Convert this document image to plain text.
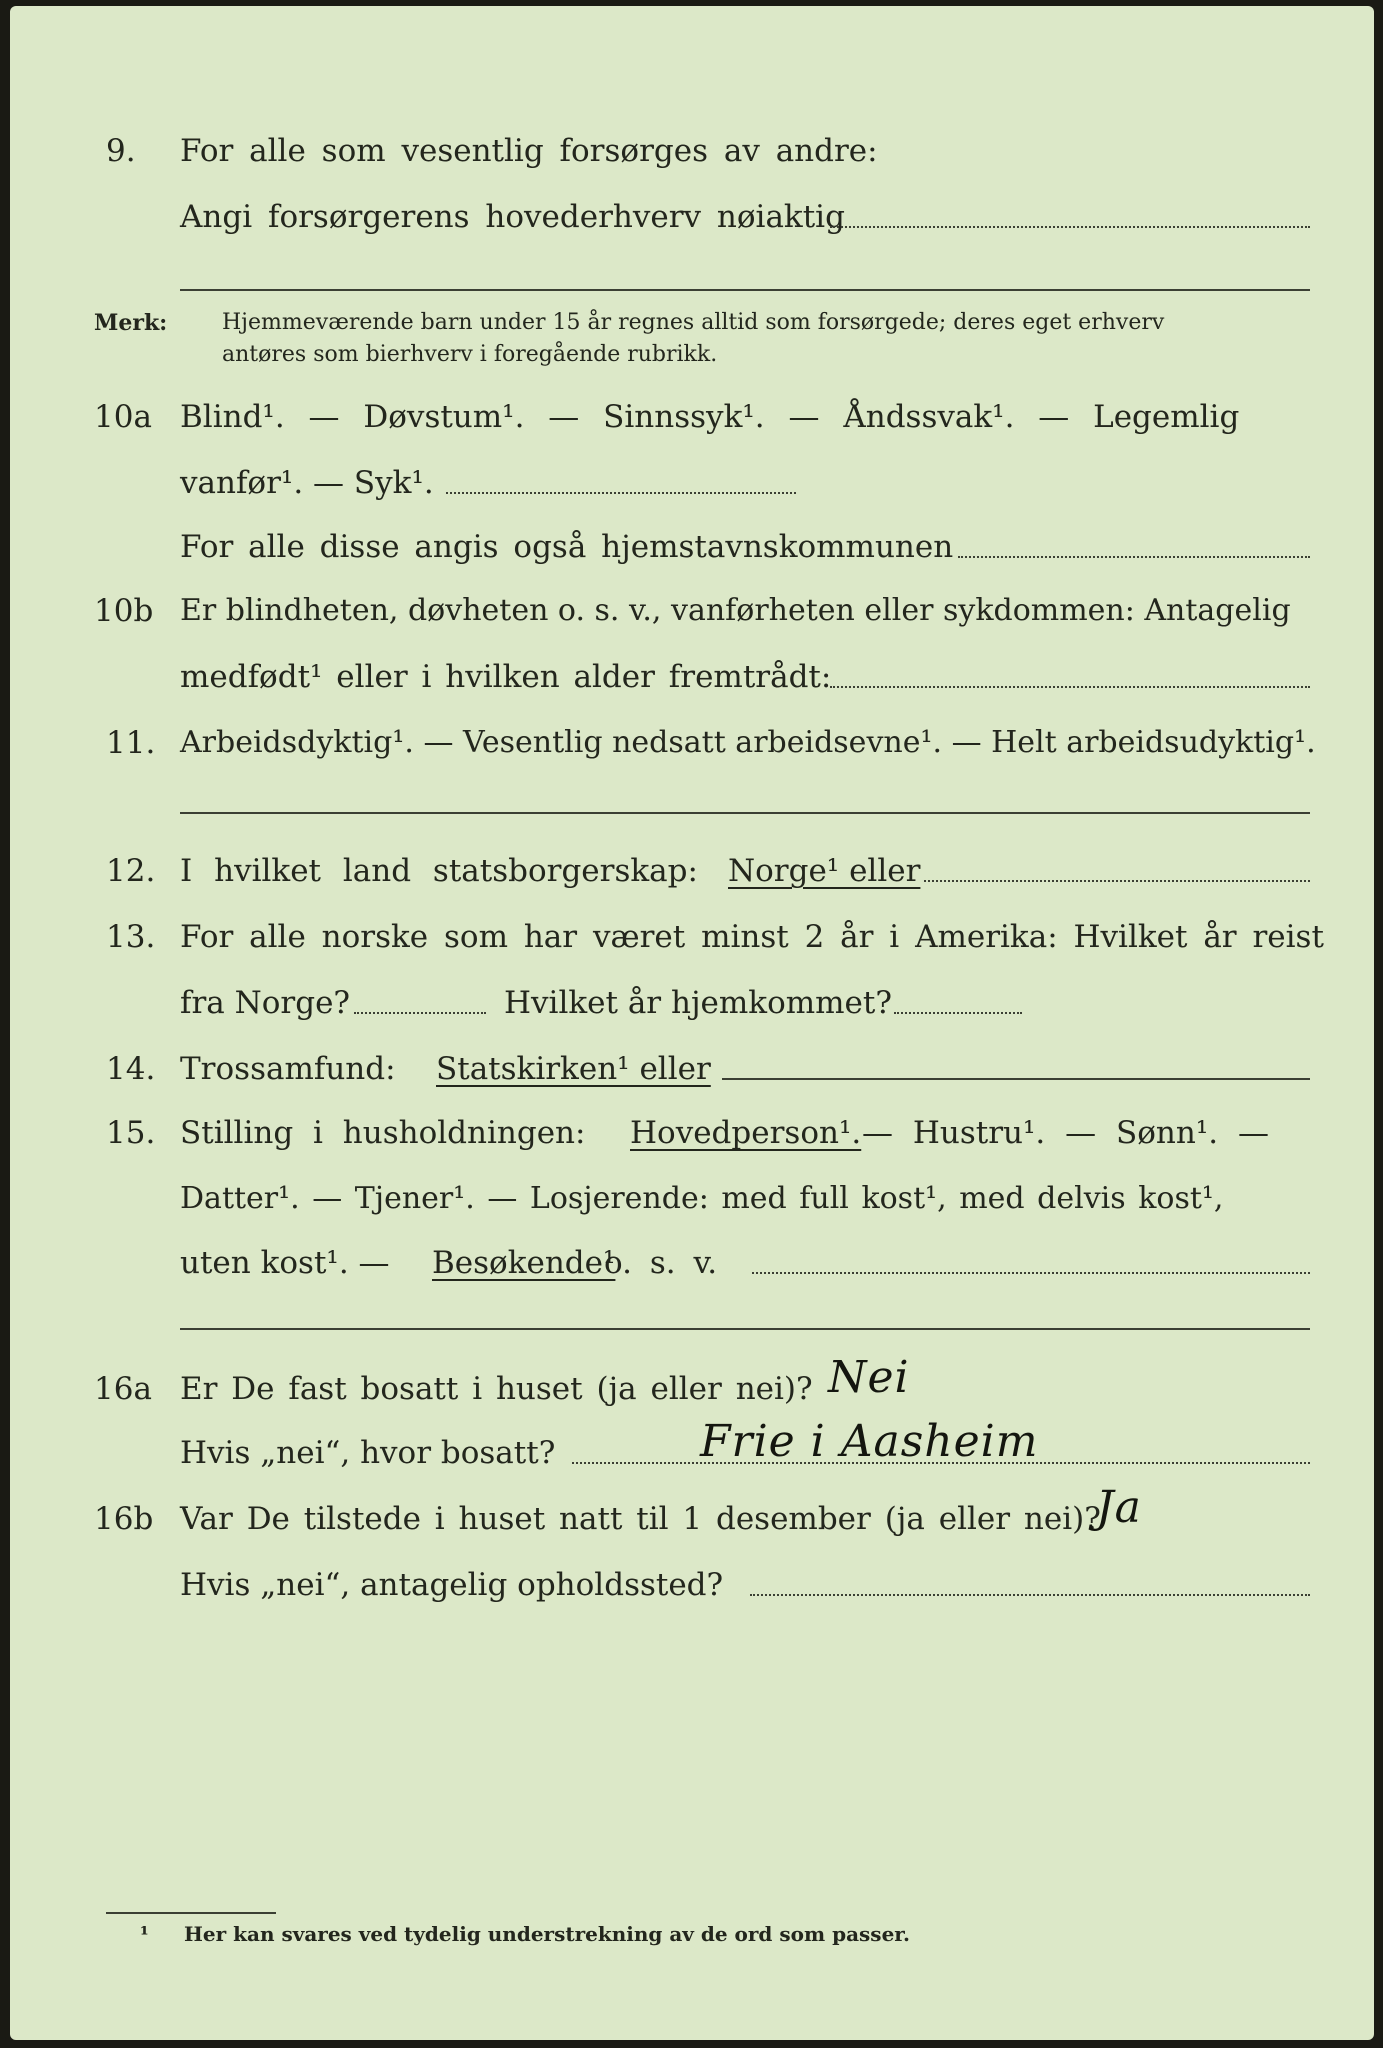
9. For alle som vesentlig forsørges av andre:
Angi forsørgerens hovederhverv nøiaktig
Merk: Hjemmeværende barn under 15 år regnes alltid som forsørgede; deres eget erhverv
antøres som bierhverv i foregående rubrikk.
10a Blind¹. — Døvstum¹. — Sinnssyk¹. — Åndssvak¹. — Legemlig
vanfør¹. — Syk¹.
For alle disse angis også hjemstavnskommunen
10b Er blindheten, døvheten o. s. v., vanførheten eller sykdommen: Antagelig
medfødt¹ eller i hvilken alder fremtrådt:
11. Arbeidsdyktig¹. — Vesentlig nedsatt arbeidsevne¹. — Helt arbeidsudyktig¹.
12. I hvilket land statsborgerskap: Norge¹ eller
13. For alle norske som har været minst 2 år i Amerika: Hvilket år reist
fra Norge?	Hvilket år hjemkommet?
14. Trossamfund: Statskirken¹ eller
15. Stilling i husholdningen: Hovedperson¹. — Hustru¹. — Sønn¹. —
Datter¹. — Tjener¹. — Losjerende: med full kost¹, med delvis kost¹,
uten kost¹. — Besøkende¹
o. s. v.
16a Er De fast bosatt i huset (ja eller nei)? Nei
Hvis „nei“, hvor bosatt?	Frie i Aasheim
16b Var De tilstede i huset natt til 1 desember (ja eller nei)?
Ja
Hvis „nei“, antagelig opholdssted?
¹ Her kan svares ved tydelig understrekning av de ord som passer.
